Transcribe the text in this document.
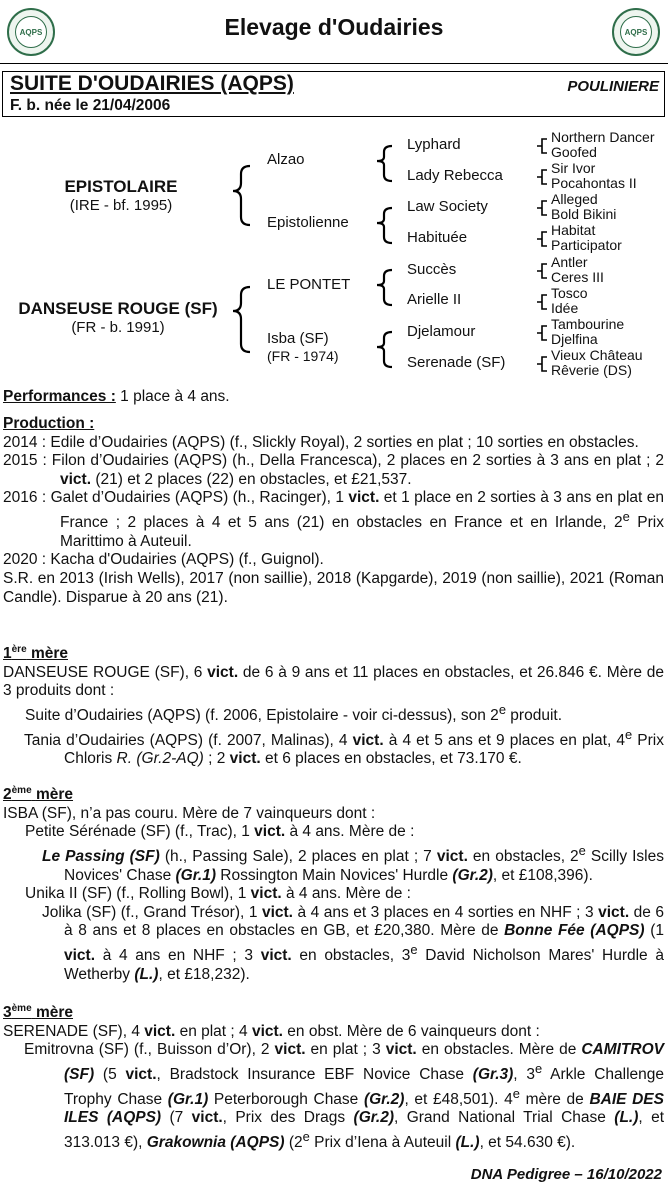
AQPS	AQPS
Elevage d'Oudairies
SUITE D'OUDAIRIES (AQPS)
F. b. née le 21/04/2006
POULINIERE
EPISTOLAIRE
(IRE - bf. 1995)
DANSEUSE ROUGE (SF)
(FR - b. 1991)
Alzao
Epistolienne
LE PONTET
Isba (SF)
(FR - 1974)
Lyphard
Lady Rebecca
Law Society
Habituée
Succès
Arielle II
Djelamour
Serenade (SF)
Northern Dancer
Goofed
Sir Ivor
Pocahontas II
Alleged
Bold Bikini
Habitat
Participator
Antler
Ceres III
Tosco
Idée
Tambourine
Djelfina
Vieux Château
Rêverie (DS)
Performances : 1 place à 4 ans.

Production :

2014 : Edile d’Oudairies (AQPS) (f., Slickly Royal), 2 sorties en plat ; 10 sorties en obstacles.

2015 : Filon d’Oudairies (AQPS) (h., Della Francesca), 2 places en 2 sorties à 3 ans en plat ; 2 vict. (21) et 2 places (22) en obstacles, et £21,537.

2016 : Galet d’Oudairies (AQPS) (h., Racinger), 1 vict. et 1 place en 2 sorties à 3 ans en plat en France ; 2 places à 4 et 5 ans (21) en obstacles en France et en Irlande, 2e Prix Marittimo à Auteuil.

2020 : Kacha d'Oudairies (AQPS) (f., Guignol).

S.R. en 2013 (Irish Wells), 2017 (non saillie), 2018 (Kapgarde), 2019 (non saillie), 2021 (Roman Candle). Disparue à 20 ans (21).

1ère mère

DANSEUSE ROUGE (SF), 6 vict. de 6 à 9 ans et 11 places en obstacles, et 26.846 €. Mère de 3 produits dont :

Suite d’Oudairies (AQPS) (f. 2006, Epistolaire - voir ci-dessus), son 2e produit.

Tania d’Oudairies (AQPS) (f. 2007, Malinas), 4 vict. à 4 et 5 ans et 9 places en plat, 4e Prix Chloris R. (Gr.2-AQ) ; 2 vict. et 6 places en obstacles, et 73.170 €.

2ème mère

ISBA (SF), n’a pas couru. Mère de 7 vainqueurs dont :

Petite Sérénade (SF) (f., Trac), 1 vict. à 4 ans. Mère de :

Le Passing (SF) (h., Passing Sale), 2 places en plat ; 7 vict. en obstacles, 2e Scilly Isles Novices' Chase (Gr.1) Rossington Main Novices' Hurdle (Gr.2), et £108,396).

Unika II (SF) (f., Rolling Bowl), 1 vict. à 4 ans. Mère de :

Jolika (SF) (f., Grand Trésor), 1 vict. à 4 ans et 3 places en 4 sorties en NHF ; 3 vict. de 6 à 8 ans et 8 places en obstacles en GB, et £20,380. Mère de Bonne Fée (AQPS) (1 vict. à 4 ans en NHF ; 3 vict. en obstacles, 3e David Nicholson Mares' Hurdle à Wetherby (L.), et £18,232).

3ème mère

SERENADE (SF), 4 vict. en plat ; 4 vict. en obst. Mère de 6 vainqueurs dont :

Emitrovna (SF) (f., Buisson d’Or), 2 vict. en plat ; 3 vict. en obstacles. Mère de CAMITROV (SF) (5 vict., Bradstock Insurance EBF Novice Chase (Gr.3), 3e Arkle Challenge Trophy Chase (Gr.1) Peterborough Chase (Gr.2), et £48,501). 4e mère de BAIE DES ILES (AQPS) (7 vict., Prix des Drags (Gr.2), Grand National Trial Chase (L.), et 313.013 €), Grakownia (AQPS) (2e Prix d’Iena à Auteuil (L.), et 54.630 €).

DNA Pedigree – 16/10/2022
